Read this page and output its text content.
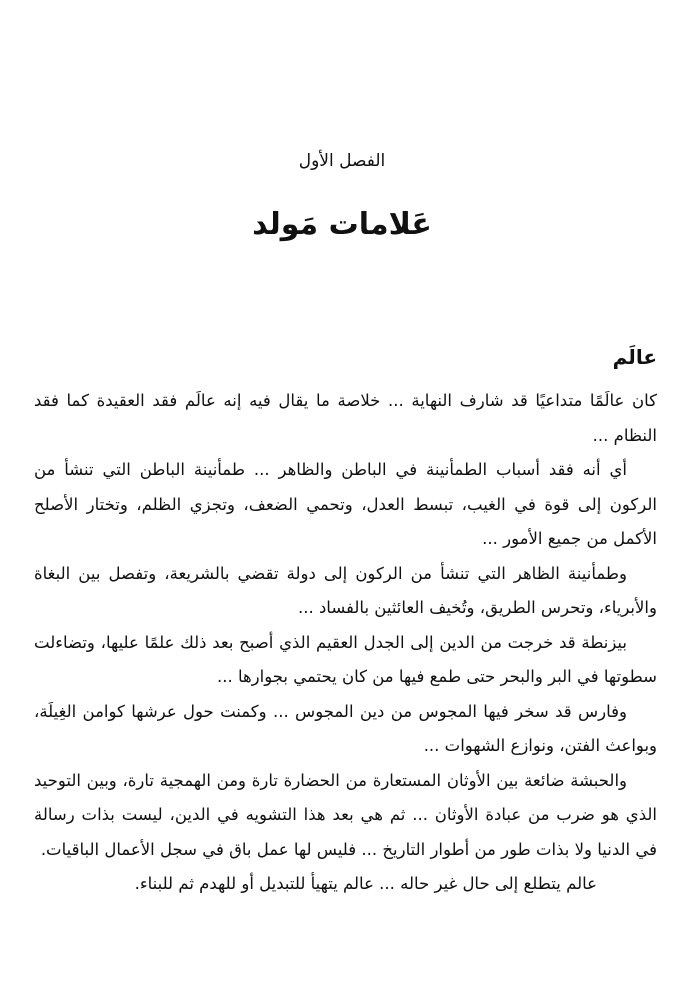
الفصل الأول
عَلامات مَولد
عالَم

كان عالَمًا متداعيًا قد شارف النهاية ... خلاصة ما يقال فيه إنه عالَم فقد العقيدة كما فقد النظام ...

أي أنه فقد أسباب الطمأنينة في الباطن والظاهر ... طمأنينة الباطن التي تنشأ من الركون إلى قوة في الغيب، تبسط العدل، وتحمي الضعف، وتجزي الظلم، وتختار الأصلح الأكمل من جميع الأمور ...

وطمأنينة الظاهر التي تنشأ من الركون إلى دولة تقضي بالشريعة، وتفصل بين البغاة والأبرياء، وتحرس الطريق، وتُخيف العائثين بالفساد ...

بيزنطة قد خرجت من الدين إلى الجدل العقيم الذي أصبح بعد ذلك علمًا عليها، وتضاءلت سطوتها في البر والبحر حتى طمع فيها من كان يحتمي بجوارها ...

وفارس قد سخر فيها المجوس من دين المجوس ... وكمنت حول عرشها كوامن الغِيلَة، وبواعث الفتن، ونوازع الشهوات ...

والحبشة ضائعة بين الأوثان المستعارة من الحضارة تارة ومن الهمجية تارة، وبين التوحيد الذي هو ضرب من عبادة الأوثان ... ثم هي بعد هذا التشويه في الدين، ليست بذات رسالة في الدنيا ولا بذات طور من أطوار التاريخ ... فليس لها عمل باق في سجل الأعمال الباقيات.

عالم يتطلع إلى حال غير حاله ... عالم يتهيأ للتبديل أو للهدم ثم للبناء.
